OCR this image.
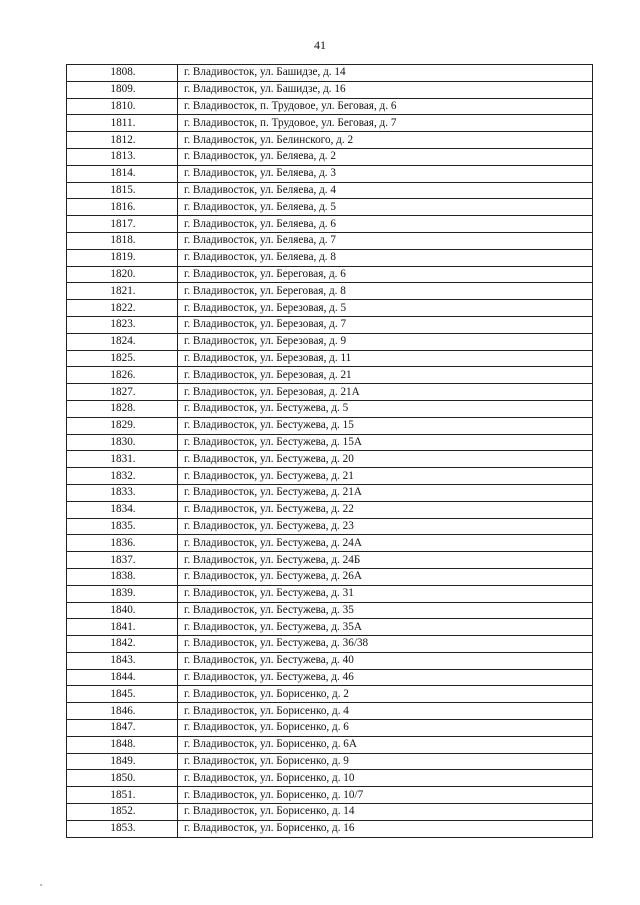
41
1808.	г. Владивосток, ул. Башидзе, д. 14
1809.	г. Владивосток, ул. Башидзе, д. 16
1810.	г. Владивосток, п. Трудовое, ул. Беговая, д. 6
1811.	г. Владивосток, п. Трудовое, ул. Беговая, д. 7
1812.	г. Владивосток, ул. Белинского, д. 2
1813.	г. Владивосток, ул. Беляева, д. 2
1814.	г. Владивосток, ул. Беляева, д. 3
1815.	г. Владивосток, ул. Беляева, д. 4
1816.	г. Владивосток, ул. Беляева, д. 5
1817.	г. Владивосток, ул. Беляева, д. 6
1818.	г. Владивосток, ул. Беляева, д. 7
1819.	г. Владивосток, ул. Беляева, д. 8
1820.	г. Владивосток, ул. Береговая, д. 6
1821.	г. Владивосток, ул. Береговая, д. 8
1822.	г. Владивосток, ул. Березовая, д. 5
1823.	г. Владивосток, ул. Березовая, д. 7
1824.	г. Владивосток, ул. Березовая, д. 9
1825.	г. Владивосток, ул. Березовая, д. 11
1826.	г. Владивосток, ул. Березовая, д. 21
1827.	г. Владивосток, ул. Березовая, д. 21А
1828.	г. Владивосток, ул. Бестужева, д. 5
1829.	г. Владивосток, ул. Бестужева, д. 15
1830.	г. Владивосток, ул. Бестужева, д. 15А
1831.	г. Владивосток, ул. Бестужева, д. 20
1832.	г. Владивосток, ул. Бестужева, д. 21
1833.	г. Владивосток, ул. Бестужева, д. 21А
1834.	г. Владивосток, ул. Бестужева, д. 22
1835.	г. Владивосток, ул. Бестужева, д. 23
1836.	г. Владивосток, ул. Бестужева, д. 24А
1837.	г. Владивосток, ул. Бестужева, д. 24Б
1838.	г. Владивосток, ул. Бестужева, д. 26А
1839.	г. Владивосток, ул. Бестужева, д. 31
1840.	г. Владивосток, ул. Бестужева, д. 35
1841.	г. Владивосток, ул. Бестужева, д. 35А
1842.	г. Владивосток, ул. Бестужева, д. 36/38
1843.	г. Владивосток, ул. Бестужева, д. 40
1844.	г. Владивосток, ул. Бестужева, д. 46
1845.	г. Владивосток, ул. Борисенко, д. 2
1846.	г. Владивосток, ул. Борисенко, д. 4
1847.	г. Владивосток, ул. Борисенко, д. 6
1848.	г. Владивосток, ул. Борисенко, д. 6А
1849.	г. Владивосток, ул. Борисенко, д. 9
1850.	г. Владивосток, ул. Борисенко, д. 10
1851.	г. Владивосток, ул. Борисенко, д. 10/7
1852.	г. Владивосток, ул. Борисенко, д. 14
1853.	г. Владивосток, ул. Борисенко, д. 16
